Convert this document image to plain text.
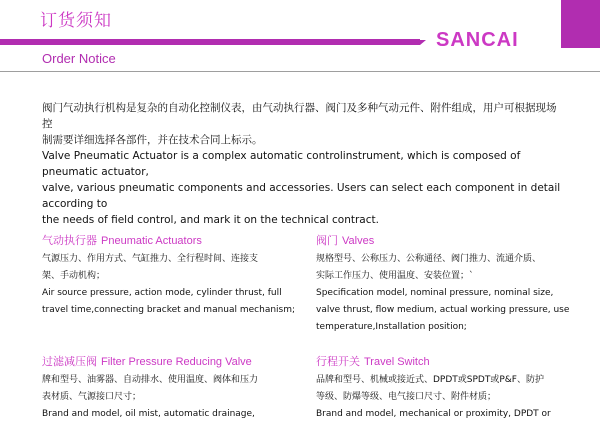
订货须知
SANCAI
Order Notice

阀门气动执行机构是复杂的自动化控制仪表，由气动执行器、阀门及多种气动元件、附件组成，用户可根据现场控

制需要详细选择各部件，并在技术合同上标示。

Valve Pneumatic Actuator is a complex automatic controlinstrument, which is composed of pneumatic actuator,

valve, various pneumatic components and accessories. Users can select each component in detail according to

the needs of field control, and mark it on the technical contract.

气动执行器 Pneumatic Actuators

气源压力、作用方式、气缸推力、全行程时间、连接支

架、手动机构；

Air source pressure, action mode, cylinder thrust, full

travel time,connecting bracket and manual mechanism;

阀门 Valves

规格型号、公称压力、公称通径、阀门推力、流通介质、

实际工作压力、使用温度、安装位置；`

Specification model, nominal pressure, nominal size,

valve thrust, flow medium, actual working pressure, use

temperature,Installation position;

过滤减压阀 Filter Pressure Reducing Valve

牌和型号、油雾器、自动排水、使用温度、阀体和压力

表材质、气源接口尺寸；

Brand and model, oil mist, automatic drainage,

行程开关 Travel Switch

品牌和型号、机械或接近式、DPDT或SPDT或P&F、防护

等级、防爆等级、电气接口尺寸、附件材质；

Brand and model, mechanical or proximity, DPDT or
